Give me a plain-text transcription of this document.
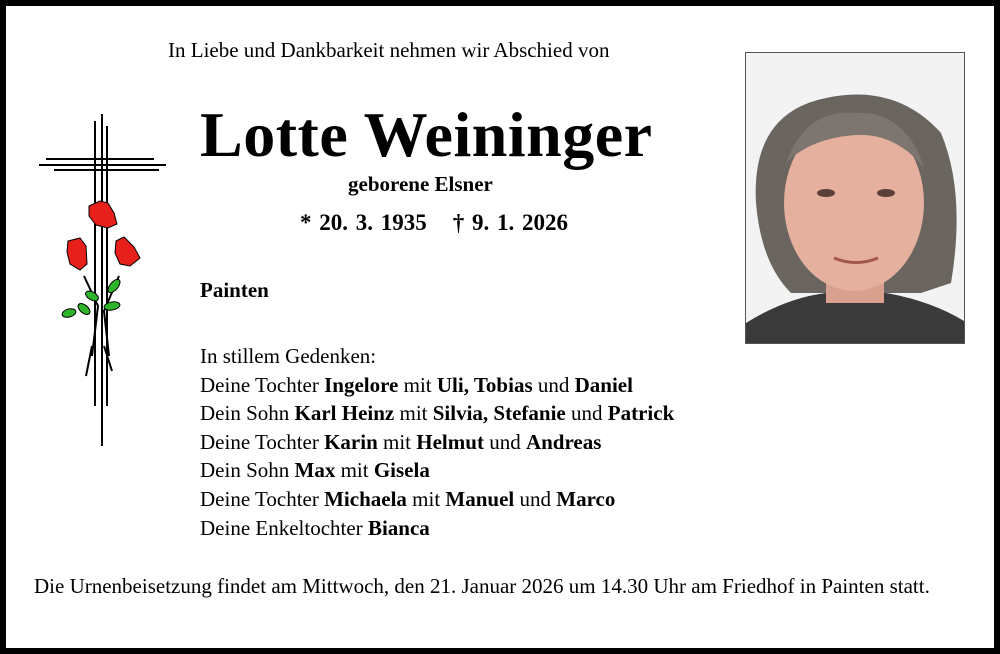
In Liebe und Dankbarkeit nehmen wir Abschied von
Lotte Weininger
geborene Elsner
* 20. 3. 1935 † 9. 1. 2026
Painten
In stillem Gedenken:
Deine Tochter Ingelore mit Uli, Tobias und Daniel
Dein Sohn Karl Heinz mit Silvia, Stefanie und Patrick
Deine Tochter Karin mit Helmut und Andreas
Dein Sohn Max mit Gisela
Deine Tochter Michaela mit Manuel und Marco
Deine Enkeltochter Bianca
Die Urnenbeisetzung findet am Mittwoch, den 21. Januar 2026 um 14.30 Uhr am Friedhof in Painten statt.
